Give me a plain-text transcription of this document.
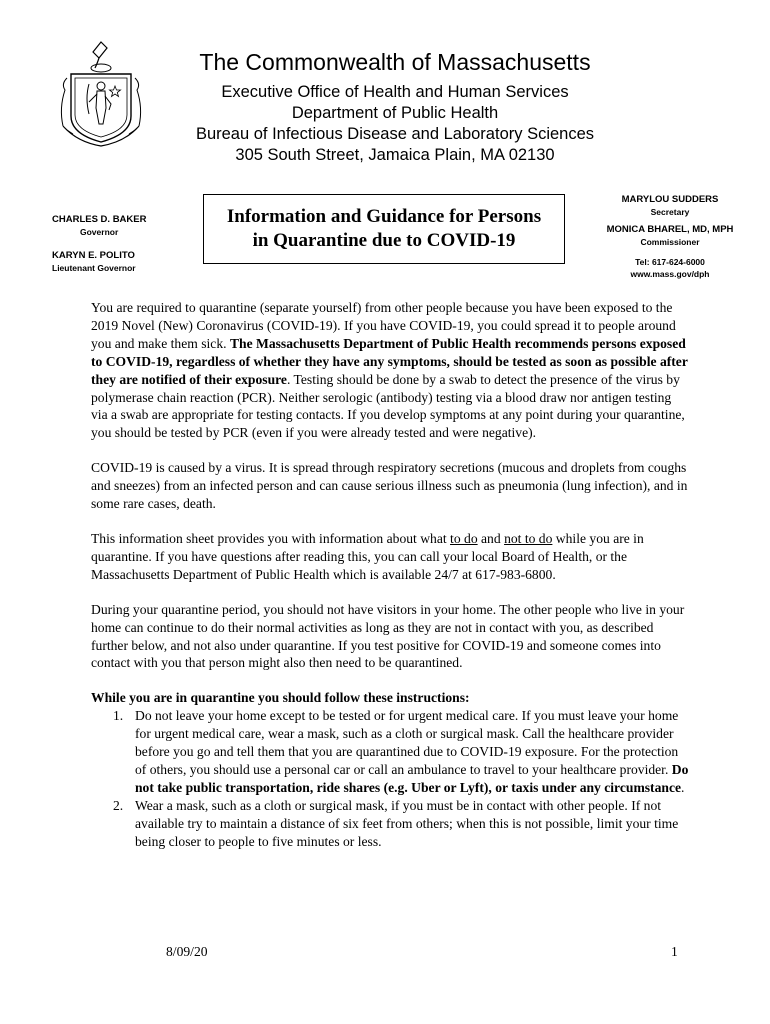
The Commonwealth of Massachusetts
Executive Office of Health and Human Services
Department of Public Health
Bureau of Infectious Disease and Laboratory Sciences
305 South Street, Jamaica Plain, MA 02130
CHARLES D. BAKER
Governor
KARYN E. POLITO
Lieutenant Governor
Information and Guidance for Persons
in Quarantine due to COVID-19
MARYLOU SUDDERS
Secretary
MONICA BHAREL, MD, MPH
Commissioner
Tel: 617-624-6000
www.mass.gov/dph

You are required to quarantine (separate yourself) from other people because you have been exposed to the 2019 Novel (New) Coronavirus (COVID-19). If you have COVID-19, you could spread it to people around you and make them sick. The Massachusetts Department of Public Health recommends persons exposed to COVID-19, regardless of whether they have any symptoms, should be tested as soon as possible after they are notified of their exposure. Testing should be done by a swab to detect the presence of the virus by polymerase chain reaction (PCR). Neither serologic (antibody) testing via a blood draw nor antigen testing via a swab are appropriate for testing contacts. If you develop symptoms at any point during your quarantine, you should be tested by PCR (even if you were already tested and were negative).

COVID-19 is caused by a virus. It is spread through respiratory secretions (mucous and droplets from coughs and sneezes) from an infected person and can cause serious illness such as pneumonia (lung infection), and in some rare cases, death.

This information sheet provides you with information about what to do and not to do while you are in quarantine. If you have questions after reading this, you can call your local Board of Health, or the Massachusetts Department of Public Health which is available 24/7 at 617-983-6800.

During your quarantine period, you should not have visitors in your home. The other people who live in your home can continue to do their normal activities as long as they are not in contact with you, as described further below, and not also under quarantine. If you test positive for COVID-19 and someone comes into contact with you that person might also then need to be quarantined.

While you are in quarantine you should follow these instructions:
1. Do not leave your home except to be tested or for urgent medical care. If you must leave your home for urgent medical care, wear a mask, such as a cloth or surgical mask. Call the healthcare provider before you go and tell them that you are quarantined due to COVID-19 exposure. For the protection of others, you should use a personal car or call an ambulance to travel to your healthcare provider. Do not take public transportation, ride shares (e.g. Uber or Lyft), or taxis under any circumstance.
2. Wear a mask, such as a cloth or surgical mask, if you must be in contact with other people. If not available try to maintain a distance of six feet from others; when this is not possible, limit your time being closer to people to five minutes or less.
8/09/20	1
